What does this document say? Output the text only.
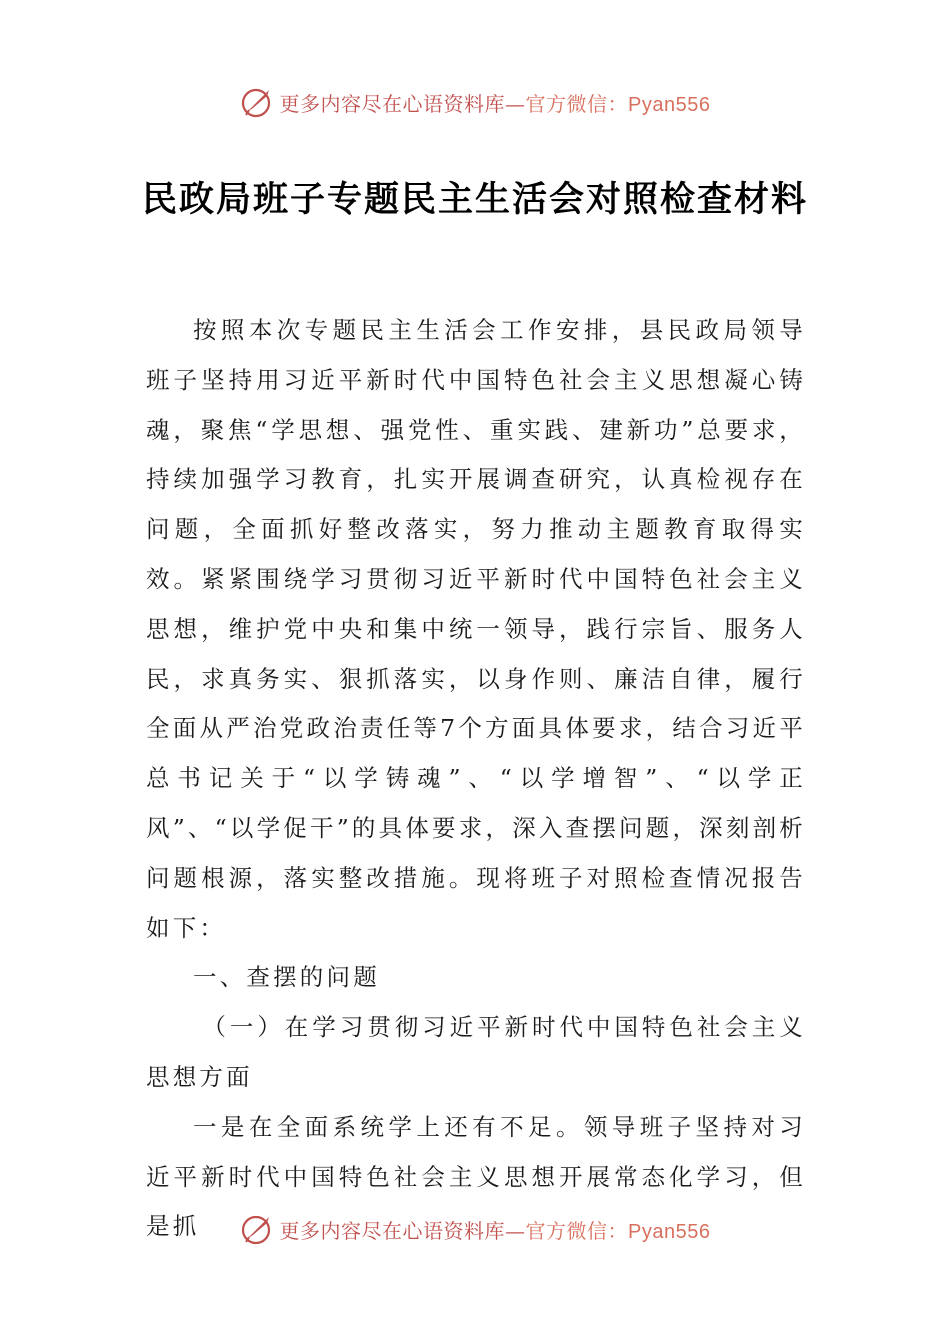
更多内容尽在心语资料库—官方微信：Pyan556
民政局班子专题民主生活会对照检查材料

按照本次专题民主生活会工作安排，县民政局领导班子坚持用习近平新时代中国特色社会主义思想凝心铸魂，聚焦“学思想、强党性、重实践、建新功”总要求，持续加强学习教育，扎实开展调查研究，认真检视存在问题，全面抓好整改落实，努力推动主题教育取得实效。紧紧围绕学习贯彻习近平新时代中国特色社会主义思想，维护党中央和集中统一领导，践行宗旨、服务人民，求真务实、狠抓落实，以身作则、廉洁自律，履行全面从严治党政治责任等7个方面具体要求，结合习近平总书记关于“以学铸魂”、“以学增智”、“以学正风”、“以学促干”的具体要求，深入查摆问题，深刻剖析问题根源，落实整改措施。现将班子对照检查情况报告如下：

一、查摆的问题

（一）在学习贯彻习近平新时代中国特色社会主义思想方面

一是在全面系统学上还有不足。领导班子坚持对习近平新时代中国特色社会主义思想开展常态化学习，但是抓	更多内容尽在心语资料库—官方微信：Pyan556
